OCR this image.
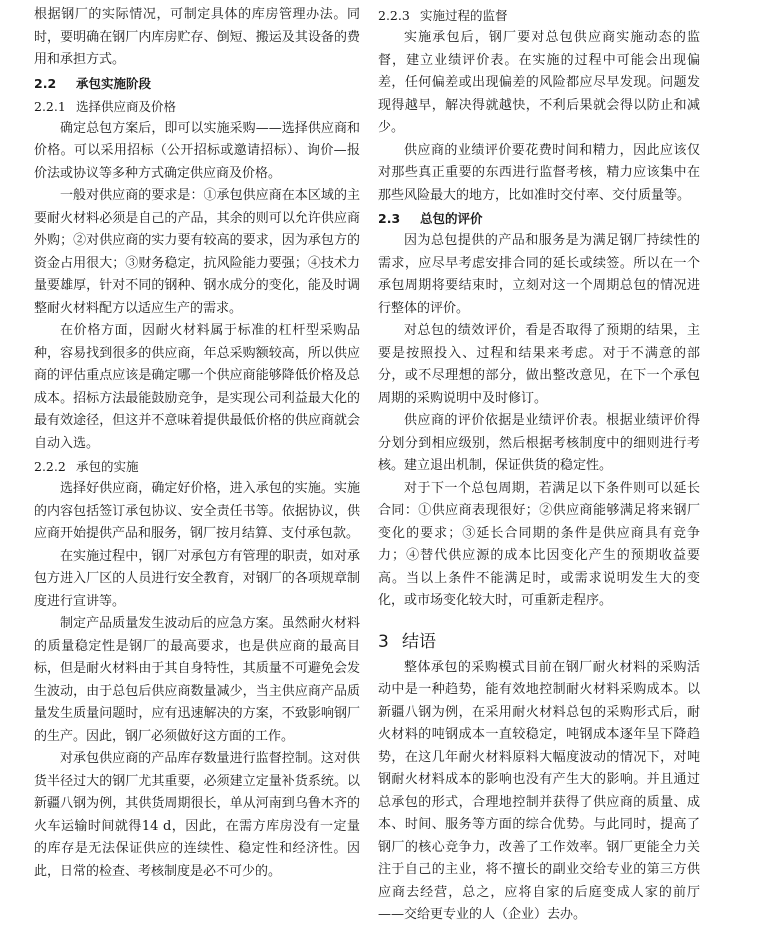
根据钢厂的实际情况，可制定具体的库房管理办法。同时，要明确在钢厂内库房贮存、倒短、搬运及其设备的费用和承担方式。

2.2 承包实施阶段
2.2.1 选择供应商及价格

确定总包方案后，即可以实施采购——选择供应商和价格。可以采用招标（公开招标或邀请招标）、询价—报价法或协议等多种方式确定供应商及价格。

一般对供应商的要求是：①承包供应商在本区域的主要耐火材料必须是自己的产品，其余的则可以允许供应商外购；②对供应商的实力要有较高的要求，因为承包方的资金占用很大；③财务稳定，抗风险能力要强；④技术力量要雄厚，针对不同的钢种、钢水成分的变化，能及时调整耐火材料配方以适应生产的需求。

在价格方面，因耐火材料属于标准的杠杆型采购品种，容易找到很多的供应商，年总采购额较高，所以供应商的评估重点应该是确定哪一个供应商能够降低价格及总成本。招标方法最能鼓励竞争，是实现公司利益最大化的最有效途径，但这并不意味着提供最低价格的供应商就会自动入选。

2.2.2 承包的实施

选择好供应商，确定好价格，进入承包的实施。实施的内容包括签订承包协议、安全责任书等。依据协议，供应商开始提供产品和服务，钢厂按月结算、支付承包款。

在实施过程中，钢厂对承包方有管理的职责，如对承包方进入厂区的人员进行安全教育，对钢厂的各项规章制度进行宣讲等。

制定产品质量发生波动后的应急方案。虽然耐火材料的质量稳定性是钢厂的最高要求，也是供应商的最高目标，但是耐火材料由于其自身特性，其质量不可避免会发生波动，由于总包后供应商数量减少，当主供应商产品质量发生质量问题时，应有迅速解决的方案，不致影响钢厂的生产。因此，钢厂必须做好这方面的工作。

对承包供应商的产品库存数量进行监督控制。这对供货半径过大的钢厂尤其重要，必须建立定量补货系统。以新疆八钢为例，其供货周期很长，单从河南到乌鲁木齐的火车运输时间就得14 d，因此，在需方库房没有一定量的库存是无法保证供应的连续性、稳定性和经济性。因此，日常的检查、考核制度是必不可少的。

2.2.3 实施过程的监督

实施承包后，钢厂要对总包供应商实施动态的监督，建立业绩评价表。在实施的过程中可能会出现偏差，任何偏差或出现偏差的风险都应尽早发现。问题发现得越早，解决得就越快，不利后果就会得以防止和减少。

供应商的业绩评价要花费时间和精力，因此应该仅对那些真正重要的东西进行监督考核，精力应该集中在那些风险最大的地方，比如准时交付率、交付质量等。

2.3 总包的评价

因为总包提供的产品和服务是为满足钢厂持续性的需求，应尽早考虑安排合同的延长或续签。所以在一个承包周期将要结束时，立刻对这一个周期总包的情况进行整体的评价。

对总包的绩效评价，看是否取得了预期的结果，主要是按照投入、过程和结果来考虑。对于不满意的部分，或不尽理想的部分，做出整改意见，在下一个承包周期的采购说明中及时修订。

供应商的评价依据是业绩评价表。根据业绩评价得分划分到相应级别，然后根据考核制度中的细则进行考核。建立退出机制，保证供货的稳定性。

对于下一个总包周期，若满足以下条件则可以延长合同：①供应商表现很好；②供应商能够满足将来钢厂变化的要求；③延长合同期的条件是供应商具有竞争力；④替代供应源的成本比因变化产生的预期收益要高。当以上条件不能满足时，或需求说明发生大的变化，或市场变化较大时，可重新走程序。

3 结语

整体承包的采购模式目前在钢厂耐火材料的采购活动中是一种趋势，能有效地控制耐火材料采购成本。以新疆八钢为例，在采用耐火材料总包的采购形式后，耐火材料的吨钢成本一直较稳定，吨钢成本逐年呈下降趋势，在这几年耐火材料原料大幅度波动的情况下，对吨钢耐火材料成本的影响也没有产生大的影响。并且通过总承包的形式，合理地控制并获得了供应商的质量、成本、时间、服务等方面的综合优势。与此同时，提高了钢厂的核心竞争力，改善了工作效率。钢厂更能全力关注于自己的主业，将不擅长的副业交给专业的第三方供应商去经营，总之，应将自家的后庭变成人家的前厅——交给更专业的人（企业）去办。
